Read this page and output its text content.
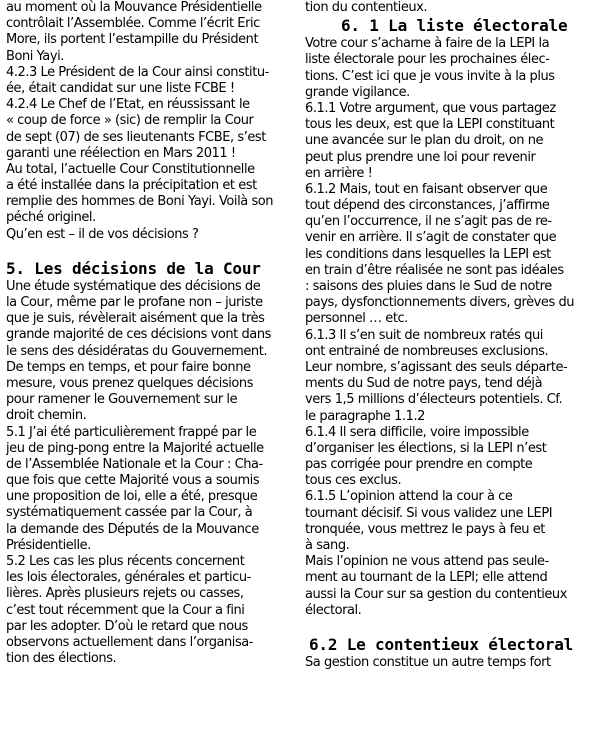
au moment où la Mouvance Présidentielle
contrôlait l’Assemblée. Comme l’écrit Eric
More, ils portent l’estampille du Président
Boni Yayi.
4.2.3 Le Président de la Cour ainsi constitu-
ée, était candidat sur une liste FCBE !
4.2.4 Le Chef de l’Etat, en réussissant le
« coup de force » (sic) de remplir la Cour
de sept (07) de ses lieutenants FCBE, s’est
garanti une réélection en Mars 2011 !
Au total, l’actuelle Cour Constitutionnelle
a été installée dans la précipitation et est
remplie des hommes de Boni Yayi. Voilà son
péché originel.
Qu’en est – il de vos décisions ?
5. Les décisions de la Cour
Une étude systématique des décisions de
la Cour, même par le profane non – juriste
que je suis, révèlerait aisément que la très
grande majorité de ces décisions vont dans
le sens des désidératas du Gouvernement.
De temps en temps, et pour faire bonne
mesure, vous prenez quelques décisions
pour ramener le Gouvernement sur le
droit chemin.
5.1 J’ai été particulièrement frappé par le
jeu de ping-pong entre la Majorité actuelle
de l’Assemblée Nationale et la Cour : Cha-
que fois que cette Majorité vous a soumis
une proposition de loi, elle a été, presque
systématiquement cassée par la Cour, à
la demande des Députés de la Mouvance
Présidentielle.
5.2 Les cas les plus récents concernent
les lois électorales, générales et particu-
lières. Après plusieurs rejets ou casses,
c’est tout récemment que la Cour a fini
par les adopter. D’où le retard que nous
observons actuellement dans l’organisa-
tion des élections.
tion du contentieux.
6. 1 La liste électorale
Votre cour s’acharne à faire de la LEPI la
liste électorale pour les prochaines élec-
tions. C’est ici que je vous invite à la plus
grande vigilance.
6.1.1 Votre argument, que vous partagez
tous les deux, est que la LEPI constituant
une avancée sur le plan du droit, on ne
peut plus prendre une loi pour revenir
en arrière !
6.1.2 Mais, tout en faisant observer que
tout dépend des circonstances, j’affirme
qu’en l’occurrence, il ne s’agit pas de re-
venir en arrière. Il s’agit de constater que
les conditions dans lesquelles la LEPI est
en train d’être réalisée ne sont pas idéales
: saisons des pluies dans le Sud de notre
pays, dysfonctionnements divers, grèves du
personnel … etc.
6.1.3 Il s’en suit de nombreux ratés qui
ont entrainé de nombreuses exclusions.
Leur nombre, s’agissant des seuls départe-
ments du Sud de notre pays, tend déjà
vers 1,5 millions d’électeurs potentiels. Cf.
le paragraphe 1.1.2
6.1.4 Il sera difficile, voire impossible
d’organiser les élections, si la LEPI n’est
pas corrigée pour prendre en compte
tous ces exclus.
6.1.5 L’opinion attend la cour à ce
tournant décisif. Si vous validez une LEPI
tronquée, vous mettrez le pays à feu et
à sang.
Mais l’opinion ne vous attend pas seule-
ment au tournant de la LEPI; elle attend
aussi la Cour sur sa gestion du contentieux
électoral.
6.2 Le contentieux électoral
Sa gestion constitue un autre temps fort
